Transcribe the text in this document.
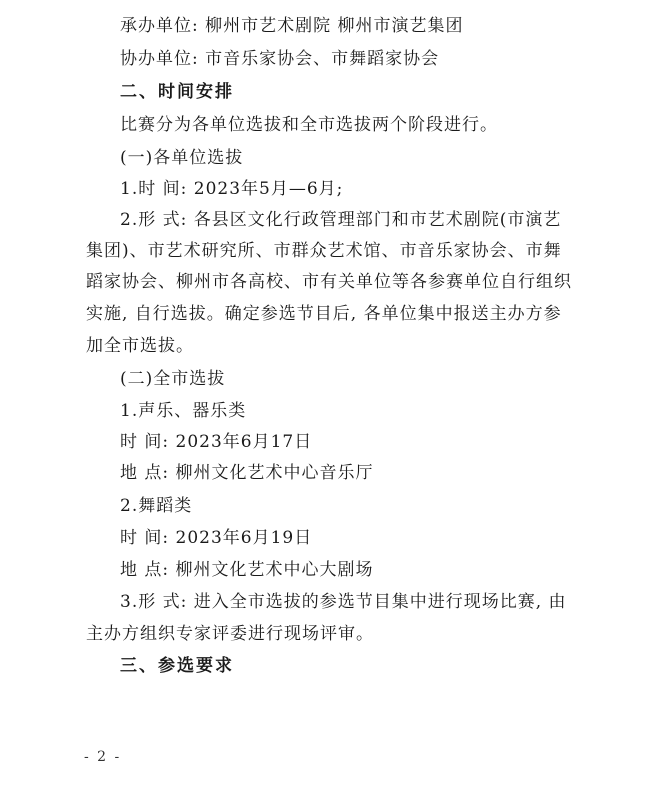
承办单位: 柳州市艺术剧院 柳州市演艺集团
协办单位: 市音乐家协会、市舞蹈家协会
二、时间安排
比赛分为各单位选拔和全市选拔两个阶段进行。
(一)各单位选拔
1.时 间: 2023年5月—6月;
2.形 式: 各县区文化行政管理部门和市艺术剧院(市演艺
集团)、市艺术研究所、市群众艺术馆、市音乐家协会、市舞
蹈家协会、柳州市各高校、市有关单位等各参赛单位自行组织
实施, 自行选拔。确定参选节目后, 各单位集中报送主办方参
加全市选拔。
(二)全市选拔
1.声乐、器乐类
时 间: 2023年6月17日
地 点: 柳州文化艺术中心音乐厅
2.舞蹈类
时 间: 2023年6月19日
地 点: 柳州文化艺术中心大剧场
3.形 式: 进入全市选拔的参选节目集中进行现场比赛, 由
主办方组织专家评委进行现场评审。
三、参选要求
- 2 -
